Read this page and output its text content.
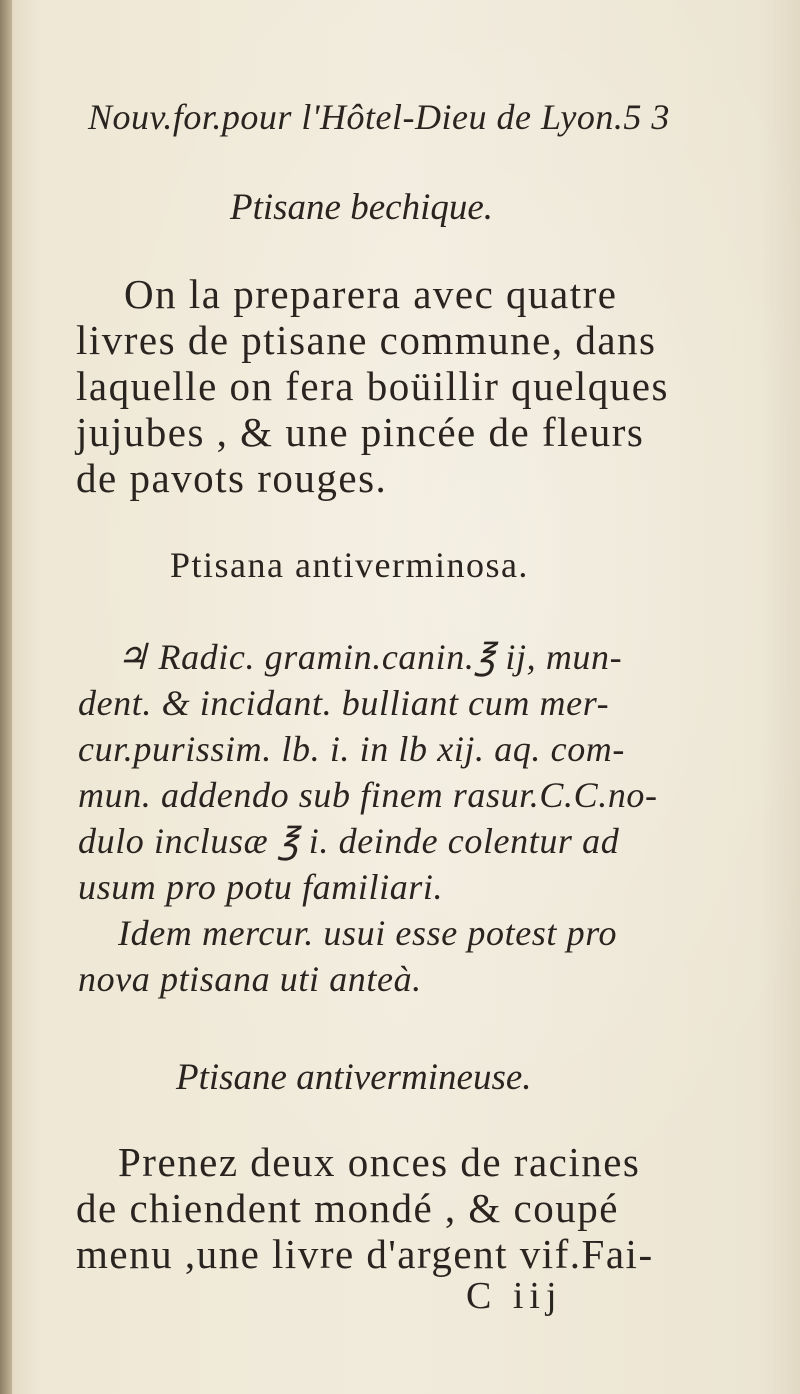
Nouv.for.pour l'Hôtel-Dieu de Lyon.5 3

Ptisane bechique.

On la preparera avec quatre

livres de ptisane commune, dans

laquelle on fera boüillir quelques

jujubes , & une pincée de fleurs

de pavots rouges.

Ptisana antiverminosa.

♃ Radic. gramin.canin.℥ ij, mun-

dent. & incidant. bulliant cum mer-

cur.purissim. lb. i. in lb xij. aq. com-

mun. addendo sub finem rasur.C.C.no-

dulo inclusæ ℥ i. deinde colentur ad

usum pro potu familiari.

Idem mercur. usui esse potest pro

nova ptisana uti anteà.

Ptisane antivermineuse.

Prenez deux onces de racines

de chiendent mondé , & coupé

menu ,une livre d'argent vif.Fai-

C iij
